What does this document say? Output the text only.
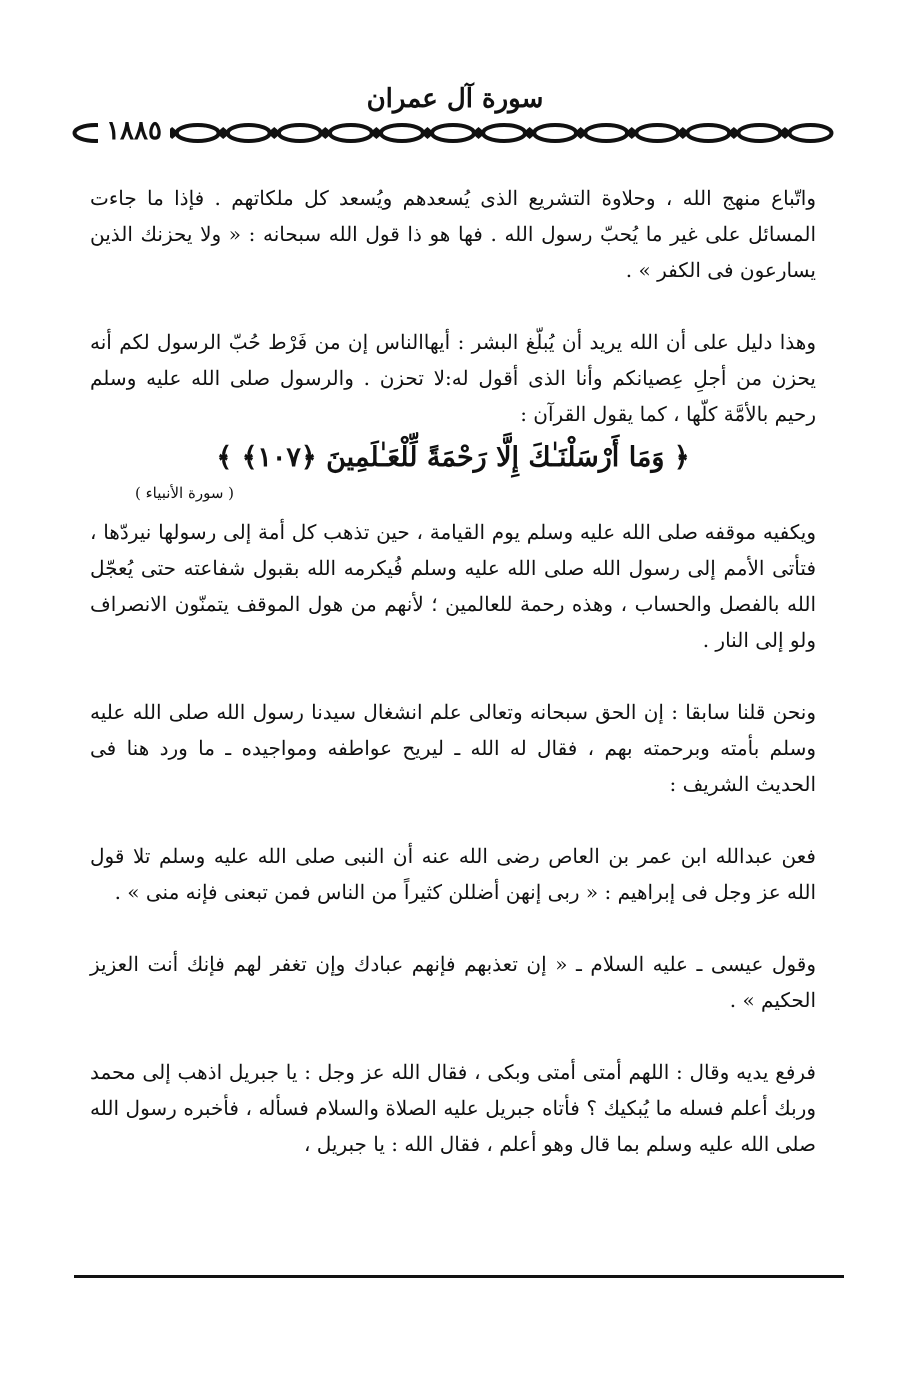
سورة آل عمران
١٨٨٥

واتّباع منهج الله ، وحلاوة التشريع الذى يُسعدهم ويُسعد كل ملكاتهم . فإذا ما جاءت المسائل على غير ما يُحبّ رسول الله . فها هو ذا قول الله سبحانه : « ولا يحزنك الذين يسارعون فى الكفر » .

وهذا دليل على أن الله يريد أن يُبلّغ البشر : أيهاالناس إن من فَرْط حُبّ الرسول لكم أنه يحزن من أجلِ عِصيانكم وأنا الذى أقول له:لا تحزن . والرسول صلى الله عليه وسلم رحيم بالأمَّة كلّها ، كما يقول القرآن :

﴿ وَمَا أَرْسَلْنَـٰكَ إِلَّا رَحْمَةً لِّلْعَـٰلَمِينَ ﴿١٠٧﴾ ﴾
( سورة الأنبياء )

ويكفيه موقفه صلى الله عليه وسلم يوم القيامة ، حين تذهب كل أمة إلى رسولها نيردّها ، فتأتى الأمم إلى رسول الله صلى الله عليه وسلم فُيكرمه الله بقبول شفاعته حتى يُعجّل الله بالفصل والحساب ، وهذه رحمة للعالمين ؛ لأنهم من هول الموقف يتمنّون الانصراف ولو إلى النار .

ونحن قلنا سابقا : إن الحق سبحانه وتعالى علم انشغال سيدنا رسول الله صلى الله عليه وسلم بأمته وبرحمته بهم ، فقال له الله ـ ليريح عواطفه ومواجيده ـ ما ورد هنا فى الحديث الشريف :

فعن عبدالله ابن عمر بن العاص رضى الله عنه أن النبى صلى الله عليه وسلم تلا قول الله عز وجل فى إبراهيم : « ربى إنهن أضللن كثيراً من الناس فمن تبعنى فإنه منى » .

وقول عيسى ـ عليه السلام ـ « إن تعذبهم فإنهم عبادك وإن تغفر لهم فإنك أنت العزيز الحكيم » .

فرفع يديه وقال : اللهم أمتى أمتى وبكى ، فقال الله عز وجل : يا جبريل اذهب إلى محمد وربك أعلم فسله ما يُبكيك ؟ فأتاه جبريل عليه الصلاة والسلام فسأله ، فأخبره رسول الله صلى الله عليه وسلم بما قال وهو أعلم ، فقال الله : يا جبريل ،
